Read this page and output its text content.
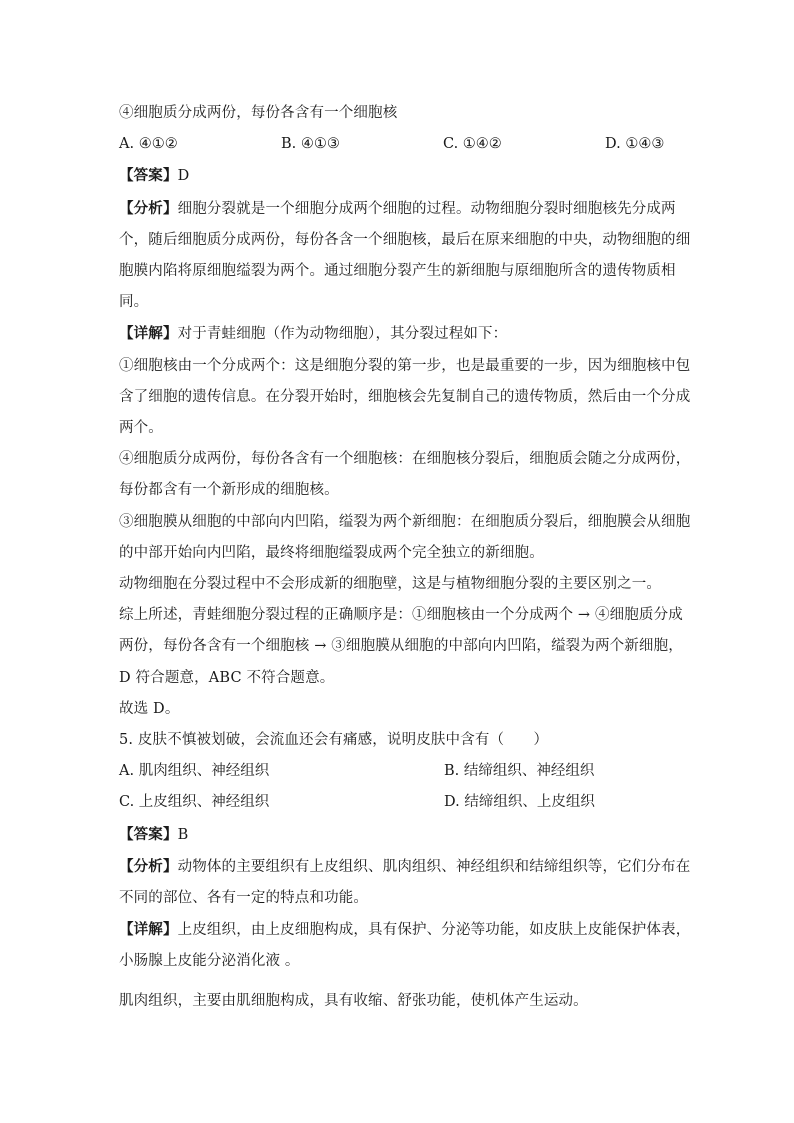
④细胞质分成两份，每份各含有一个细胞核
A. ④①②	B. ④①③	C. ①④②	D. ①④③
【答案】D
【分析】细胞分裂就是一个细胞分成两个细胞的过程。动物细胞分裂时细胞核先分成两
个，随后细胞质分成两份，每份各含一个细胞核，最后在原来细胞的中央，动物细胞的细
胞膜内陷将原细胞缢裂为两个。通过细胞分裂产生的新细胞与原细胞所含的遗传物质相
同。
【详解】对于青蛙细胞（作为动物细胞），其分裂过程如下：
①细胞核由一个分成两个：这是细胞分裂的第一步，也是最重要的一步，因为细胞核中包
含了细胞的遗传信息。在分裂开始时，细胞核会先复制自己的遗传物质，然后由一个分成
两个。
④细胞质分成两份，每份各含有一个细胞核：在细胞核分裂后，细胞质会随之分成两份，
每份都含有一个新形成的细胞核。
③细胞膜从细胞的中部向内凹陷，缢裂为两个新细胞：在细胞质分裂后，细胞膜会从细胞
的中部开始向内凹陷，最终将细胞缢裂成两个完全独立的新细胞。
动物细胞在分裂过程中不会形成新的细胞壁，这是与植物细胞分裂的主要区别之一。
综上所述，青蛙细胞分裂过程的正确顺序是：①细胞核由一个分成两个 → ④细胞质分成
两份，每份各含有一个细胞核 → ③细胞膜从细胞的中部向内凹陷，缢裂为两个新细胞，
D 符合题意，ABC 不符合题意。
故选 D。
5. 皮肤不慎被划破，会流血还会有痛感，说明皮肤中含有（　　）
A. 肌肉组织、神经组织	B. 结缔组织、神经组织
C. 上皮组织、神经组织	D. 结缔组织、上皮组织
【答案】B
【分析】动物体的主要组织有上皮组织、肌肉组织、神经组织和结缔组织等，它们分布在
不同的部位、各有一定的特点和功能。
【详解】上皮组织，由上皮细胞构成，具有保护、分泌等功能，如皮肤上皮能保护体表，
小肠腺上皮能分泌消化液 。
肌肉组织，主要由肌细胞构成，具有收缩、舒张功能，使机体产生运动。
